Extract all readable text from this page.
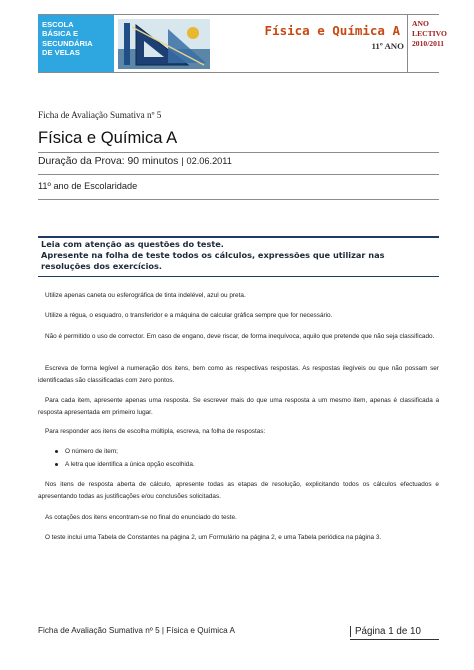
ESCOLA
BÁSICA E
SECUNDÁRIA
DE VELAS
Física e Química A
11º ANO
ANO
LECTIVO
2010/2011
Ficha de Avaliação Sumativa nº 5
Física e Química A
Duração da Prova: 90 minutos | 02.06.2011
11º ano de Escolaridade

Leia com atenção as questões do teste.

Apresente na folha de teste todos os cálculos, expressões que utilizar nas resoluções dos exercícios.

Utilize apenas caneta ou esferográfica de tinta indelével, azul ou preta.
Utilize a régua, o esquadro, o transferidor e a máquina de calcular gráfica sempre que for necessário.
Não é permitido o uso de corrector. Em caso de engano, deve riscar, de forma inequívoca, aquilo que pretende que não seja classificado.
Escreva de forma legível a numeração dos itens, bem como as respectivas respostas. As respostas ilegíveis ou que não possam ser identificadas são classificadas com zero pontos.
Para cada item, apresente apenas uma resposta. Se escrever mais do que uma resposta a um mesmo item, apenas é classificada a resposta apresentada em primeiro lugar.
Para responder aos itens de escolha múltipla, escreva, na folha de respostas:
O número de item;
A letra que identifica a única opção escolhida.
Nos itens de resposta aberta de cálculo, apresente todas as etapas de resolução, explicitando todos os cálculos efectuados e apresentando todas as justificações e/ou conclusões solicitadas.
As cotações dos itens encontram-se no final do enunciado do teste.
O teste inclui uma Tabela de Constantes na página 2, um Formulário na página 2, e uma Tabela periódica na página 3.
Ficha de Avaliação Sumativa nº 5 | Física e Química A	Página 1 de 10
